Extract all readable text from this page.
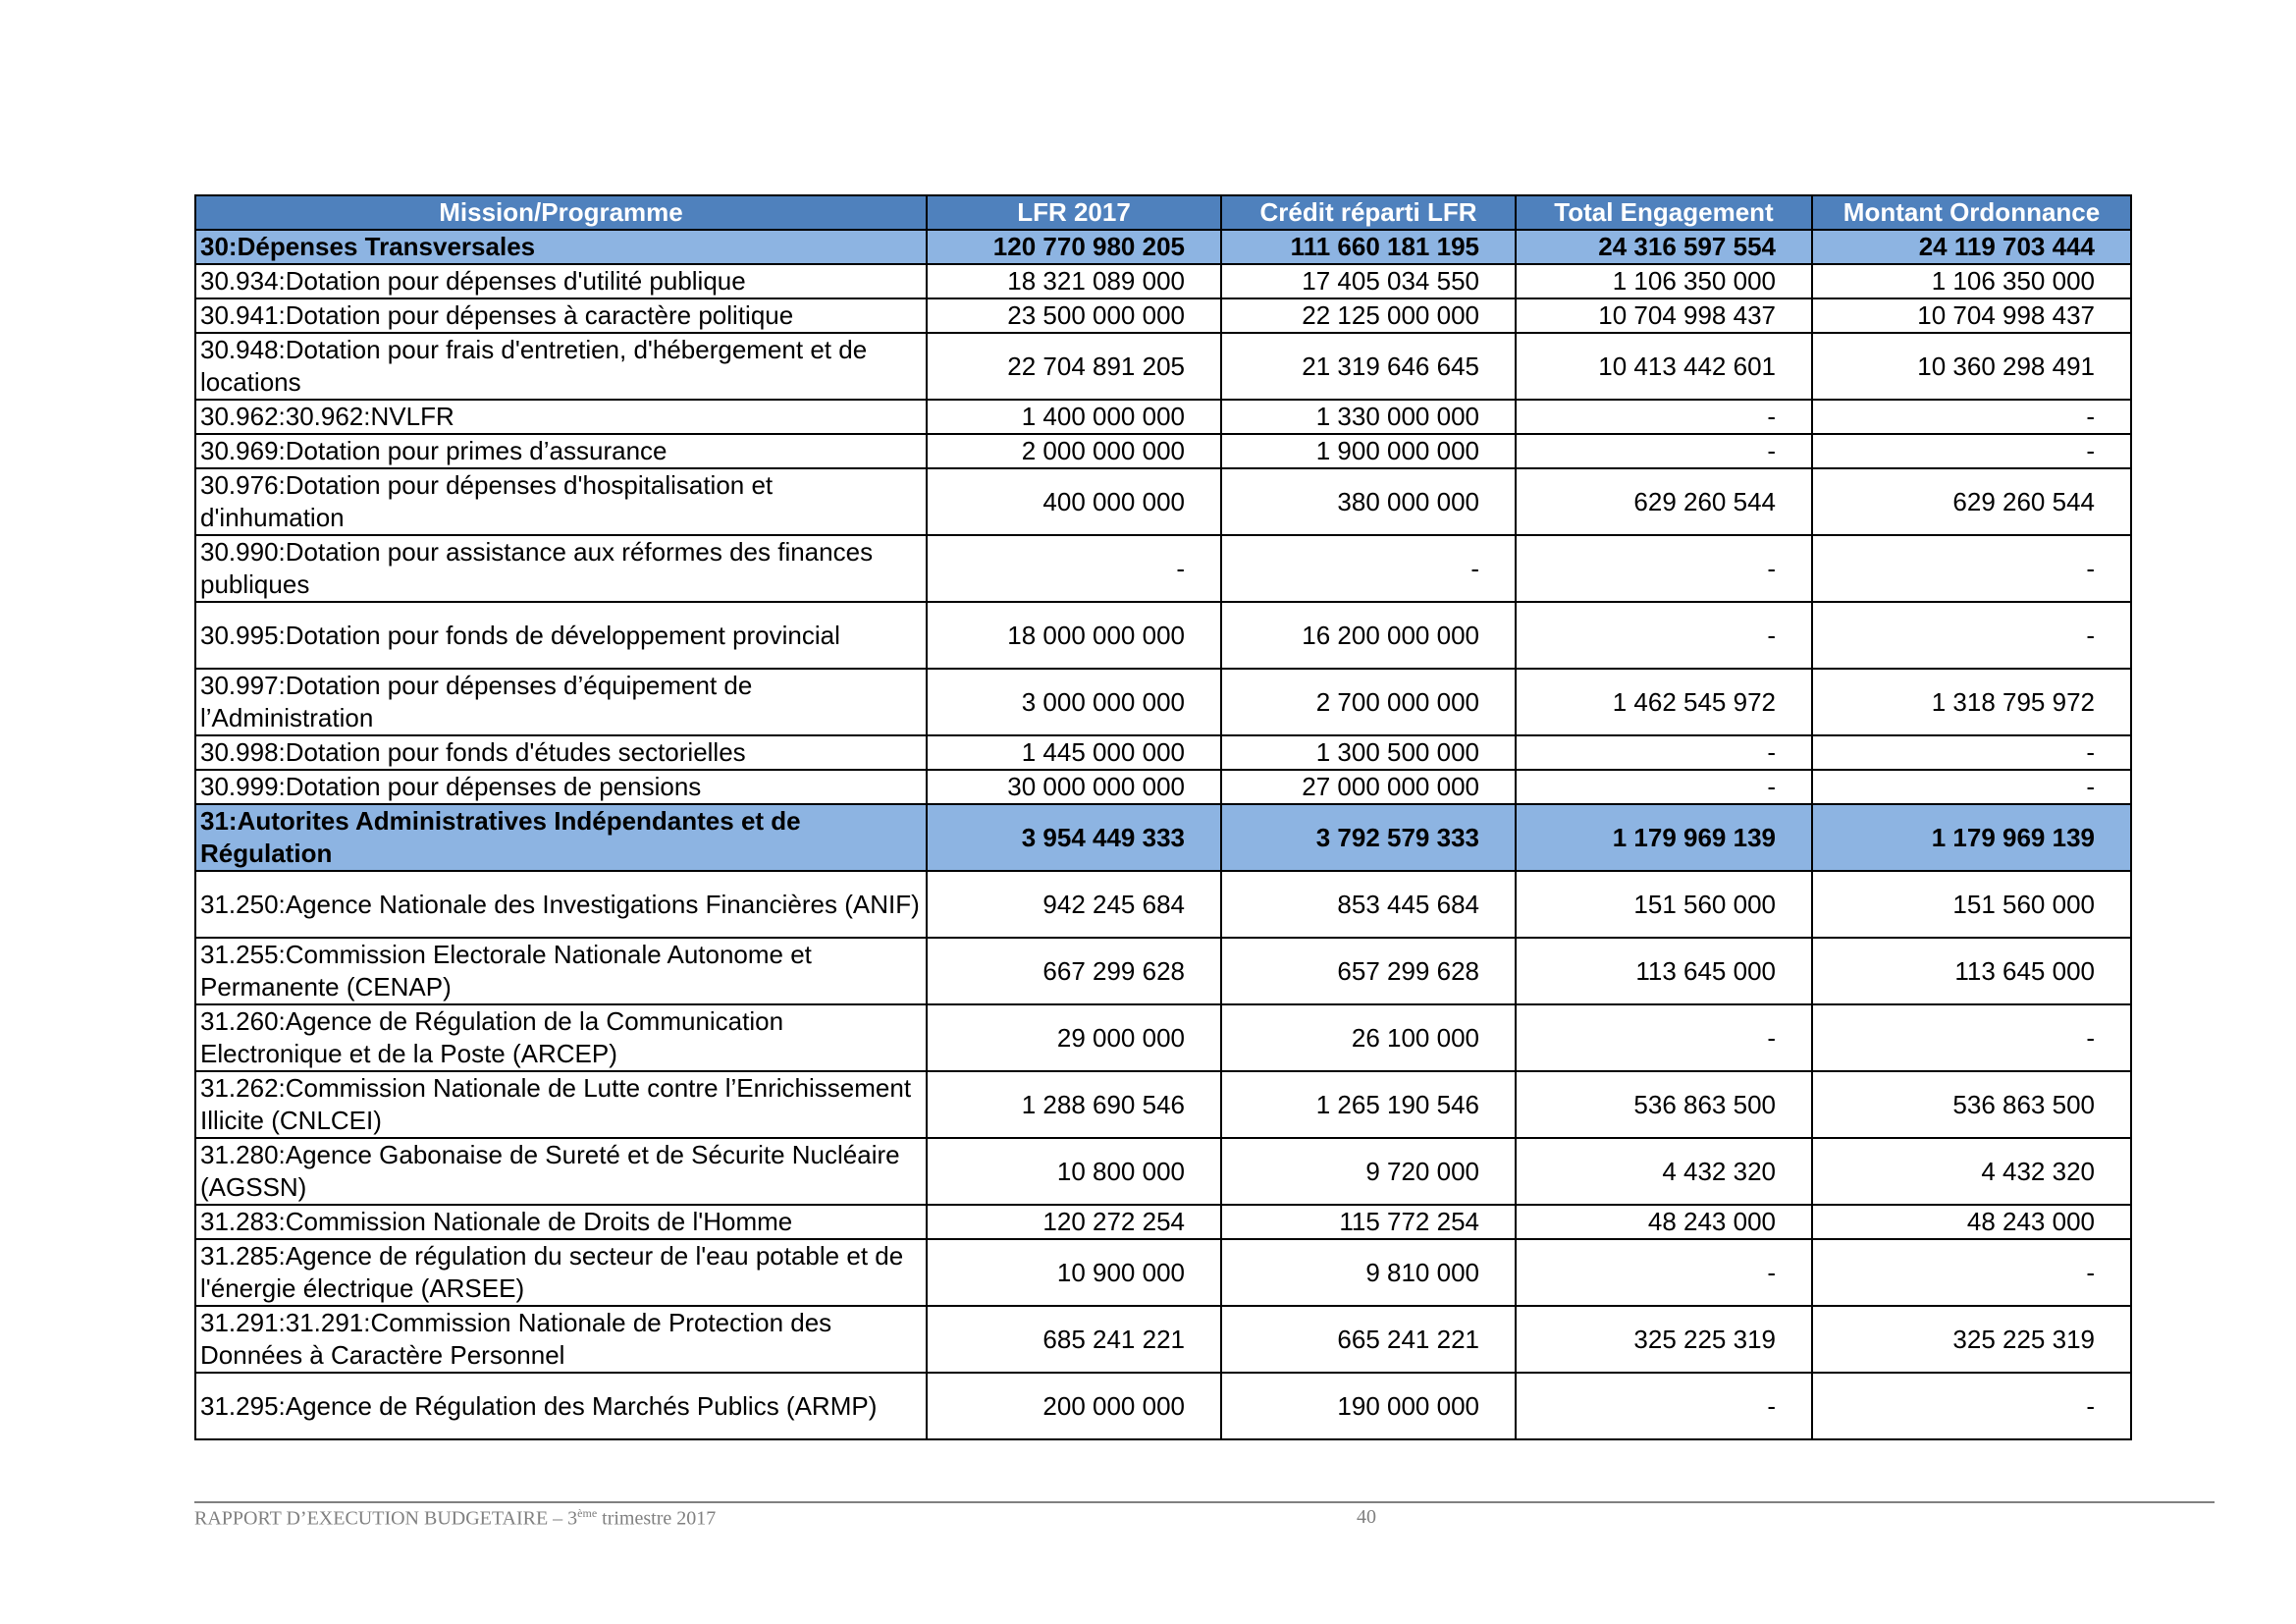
Mission/Programme	LFR 2017	Crédit réparti LFR	Total Engagement	Montant Ordonnance
30:Dépenses Transversales	120 770 980 205	111 660 181 195	24 316 597 554	24 119 703 444
30.934:Dotation pour dépenses d'utilité publique	18 321 089 000	17 405 034 550	1 106 350 000	1 106 350 000
30.941:Dotation pour dépenses à caractère politique	23 500 000 000	22 125 000 000	10 704 998 437	10 704 998 437
30.948:Dotation pour frais d'entretien, d'hébergement et de locations	22 704 891 205	21 319 646 645	10 413 442 601	10 360 298 491
30.962:30.962:NVLFR	1 400 000 000	1 330 000 000	-	-
30.969:Dotation pour primes d’assurance	2 000 000 000	1 900 000 000	-	-
30.976:Dotation pour dépenses d'hospitalisation et d'inhumation	400 000 000	380 000 000	629 260 544	629 260 544
30.990:Dotation pour assistance aux réformes des finances publiques	-	-	-	-
30.995:Dotation pour fonds de développement provincial	18 000 000 000	16 200 000 000	-	-
30.997:Dotation pour dépenses d’équipement de l’Administration	3 000 000 000	2 700 000 000	1 462 545 972	1 318 795 972
30.998:Dotation pour fonds d'études sectorielles	1 445 000 000	1 300 500 000	-	-
30.999:Dotation pour dépenses de pensions	30 000 000 000	27 000 000 000	-	-
31:Autorites Administratives Indépendantes et de Régulation	3 954 449 333	3 792 579 333	1 179 969 139	1 179 969 139
31.250:Agence Nationale des Investigations Financières (ANIF)	942 245 684	853 445 684	151 560 000	151 560 000
31.255:Commission Electorale Nationale Autonome et Permanente (CENAP)	667 299 628	657 299 628	113 645 000	113 645 000
31.260:Agence de Régulation de la Communication Electronique et de la Poste (ARCEP)	29 000 000	26 100 000	-	-
31.262:Commission Nationale de Lutte contre l’Enrichissement Illicite (CNLCEI)	1 288 690 546	1 265 190 546	536 863 500	536 863 500
31.280:Agence Gabonaise de Sureté et de Sécurite Nucléaire (AGSSN)	10 800 000	9 720 000	4 432 320	4 432 320
31.283:Commission Nationale de Droits de l'Homme	120 272 254	115 772 254	48 243 000	48 243 000
31.285:Agence de régulation du secteur de l'eau potable et de l'énergie électrique (ARSEE)	10 900 000	9 810 000	-	-
31.291:31.291:Commission Nationale de Protection des Données à Caractère Personnel	685 241 221	665 241 221	325 225 319	325 225 319
31.295:Agence de Régulation des Marchés Publics (ARMP)	200 000 000	190 000 000	-	-
RAPPORT D’EXECUTION BUDGETAIRE – 3ème trimestre 2017	40
